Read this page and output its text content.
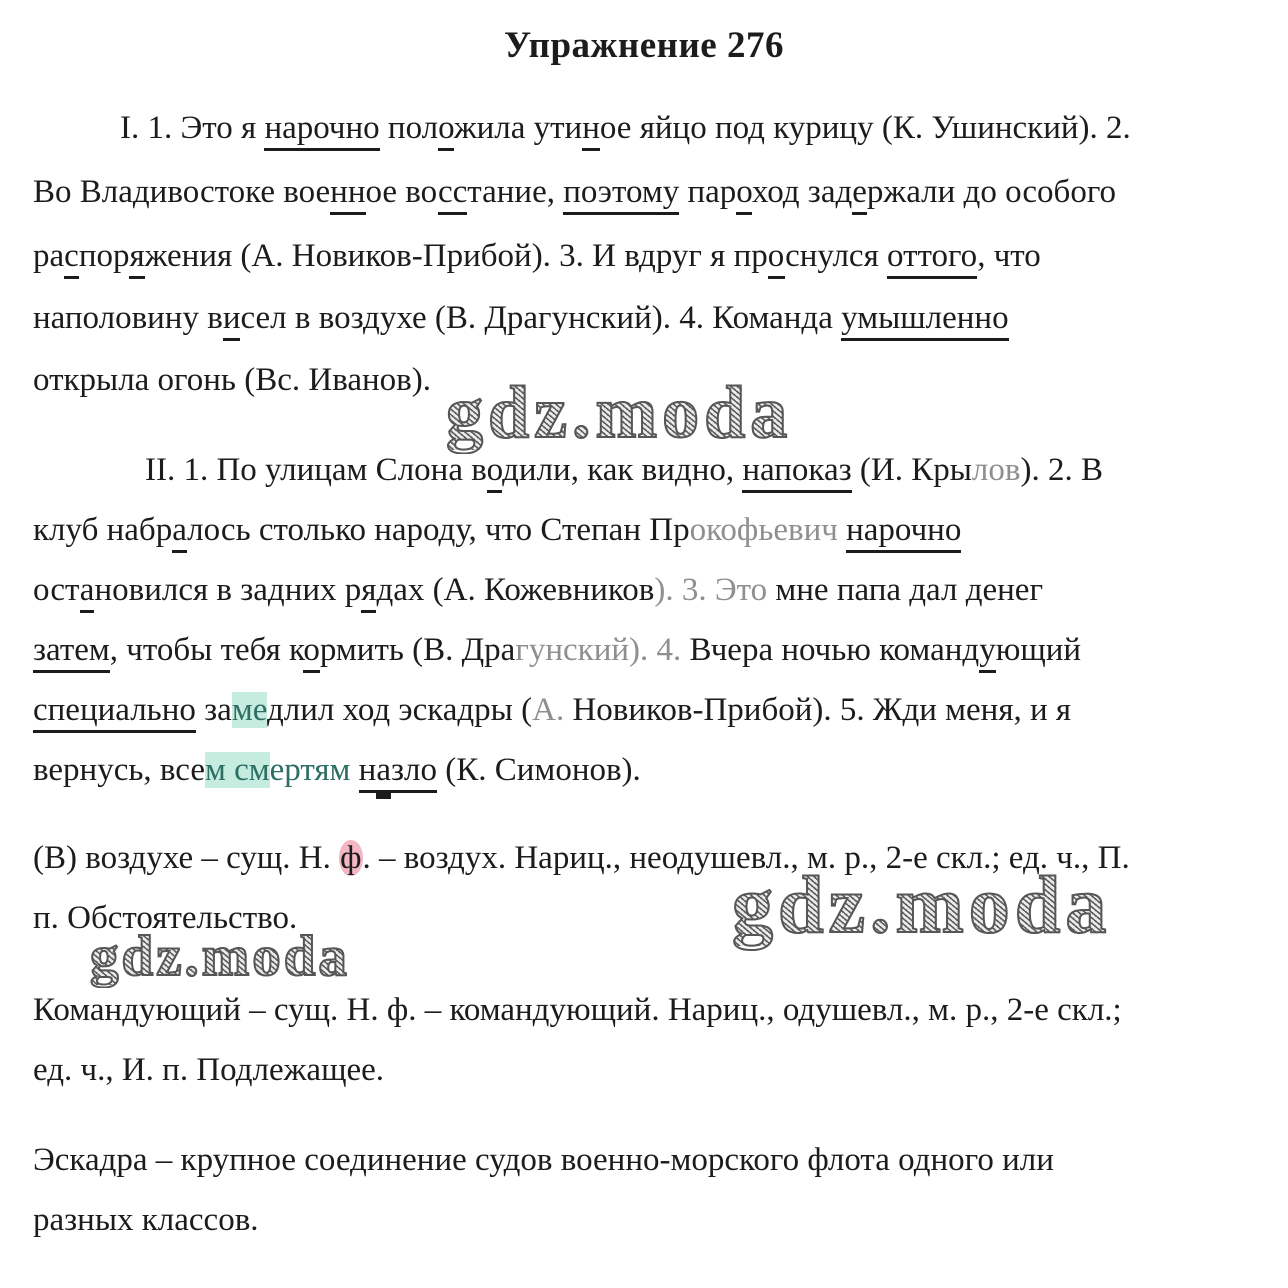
Упражнение 276
gdz.moda
gdz.moda
gdz.moda
I. 1. Это я нарочно положила утиное яйцо под курицу (К. Ушинский). 2.
Во Владивостоке военное восстание, поэтому пароход задержали до особого
распоряжения (А. Новиков-Прибой). 3. И вдруг я проснулся оттого, что
наполовину висел в воздухе (В. Драгунский). 4. Команда умышленно
открыла огонь (Вс. Иванов).
II. 1. По улицам Слона водили, как видно, напоказ (И. Крылов). 2. В
клуб набралось столько народу, что Степан Прокофьевич нарочно
остановился в задних рядах (А. Кожевников). 3. Это мне папа дал денег
затем, чтобы тебя кормить (В. Драгунский). 4. Вчера ночью командующий
специально замедлил ход эскадры (А. Новиков-Прибой). 5. Жди меня, и я
вернусь, всем смертям назло (К. Симонов).
(В) воздухе – сущ. Н. ф. – воздух. Нариц., неодушевл., м. р., 2-е скл.; ед. ч., П.
п. Обстоятельство.
Командующий – сущ. Н. ф. – командующий. Нариц., одушевл., м. р., 2-е скл.;
ед. ч., И. п. Подлежащее.
Эскадра – крупное соединение судов военно-морского флота одного или
разных классов.
